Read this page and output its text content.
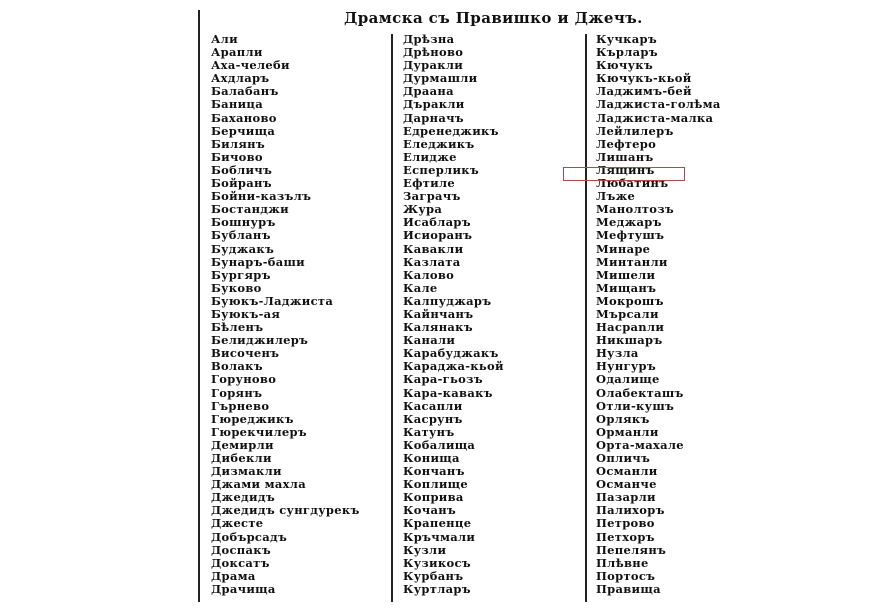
Драмска съ Правишко и Джечъ.
Али
Арапли
Аха-челеби
Ахдларъ
Балабанъ
Баница
Баханово
Берчища
Билянъ
Бичово
Бобличъ
Бойранъ
Бойни-казълъ
Бостанджи
Бошнуръ
Бубланъ
Буджакъ
Бунаръ-баши
Бургяръ
Буково
Буюкъ-Ладжиста
Буюкъ-ая
Бѣленъ
Белиджилеръ
Височенъ
Волакъ
Горуново
Горянъ
Гърнево
Гюреджикъ
Гюрекчилеръ
Демирли
Дибекли
Дизмакли
Джами махла
Джедидъ
Джедидъ сунгдурекъ
Джесте
Добърсадъ
Доспакъ
Доксатъ
Драма
Драчища
Дрѣзна
Дрѣново
Дуракли
Дурмашли
Драана
Дъракли
Дарначъ
Едренеджикъ
Еледжикъ
Елидже
Есперликъ
Ефтиле
Заграчъ
Жура
Исабларъ
Исиоранъ
Кавакли
Казлата
Калово
Кале
Калпуджаръ
Кайнчанъ
Калянакъ
Канали
Карабуджакъ
Караджа-кьой
Кара-гьозъ
Кара-кавакъ
Касапли
Касрунъ
Катунъ
Кобалища
Конища
Кончанъ
Коплище
Коприва
Кочанъ
Крапенце
Кръчмали
Кузли
Кузикосъ
Курбанъ
Куртларъ
Кучкаръ
Кърларъ
Кючукъ
Кючукъ-кьой
Ладжимъ-бей
Ладжиста-голѣма
Ладжиста-малка
Лейлилеръ
Лефтеро
Лишанъ
Лящинъ
Любатинъ
Лъже
Манолтозъ
Меджаръ
Мефтушъ
Минаре
Минтанли
Мишели
Мищанъ
Мокрошъ
Мърсали
Насрanли
Никшаръ
Нузла
Нунгуръ
Одалище
Олабекташъ
Отли-кушъ
Орлякъ
Орманли
Орта-махале
Опличъ
Османли
Османче
Пазарли
Палихоръ
Петрово
Петхоръ
Пепелянъ
Плѣвне
Портосъ
Правища
